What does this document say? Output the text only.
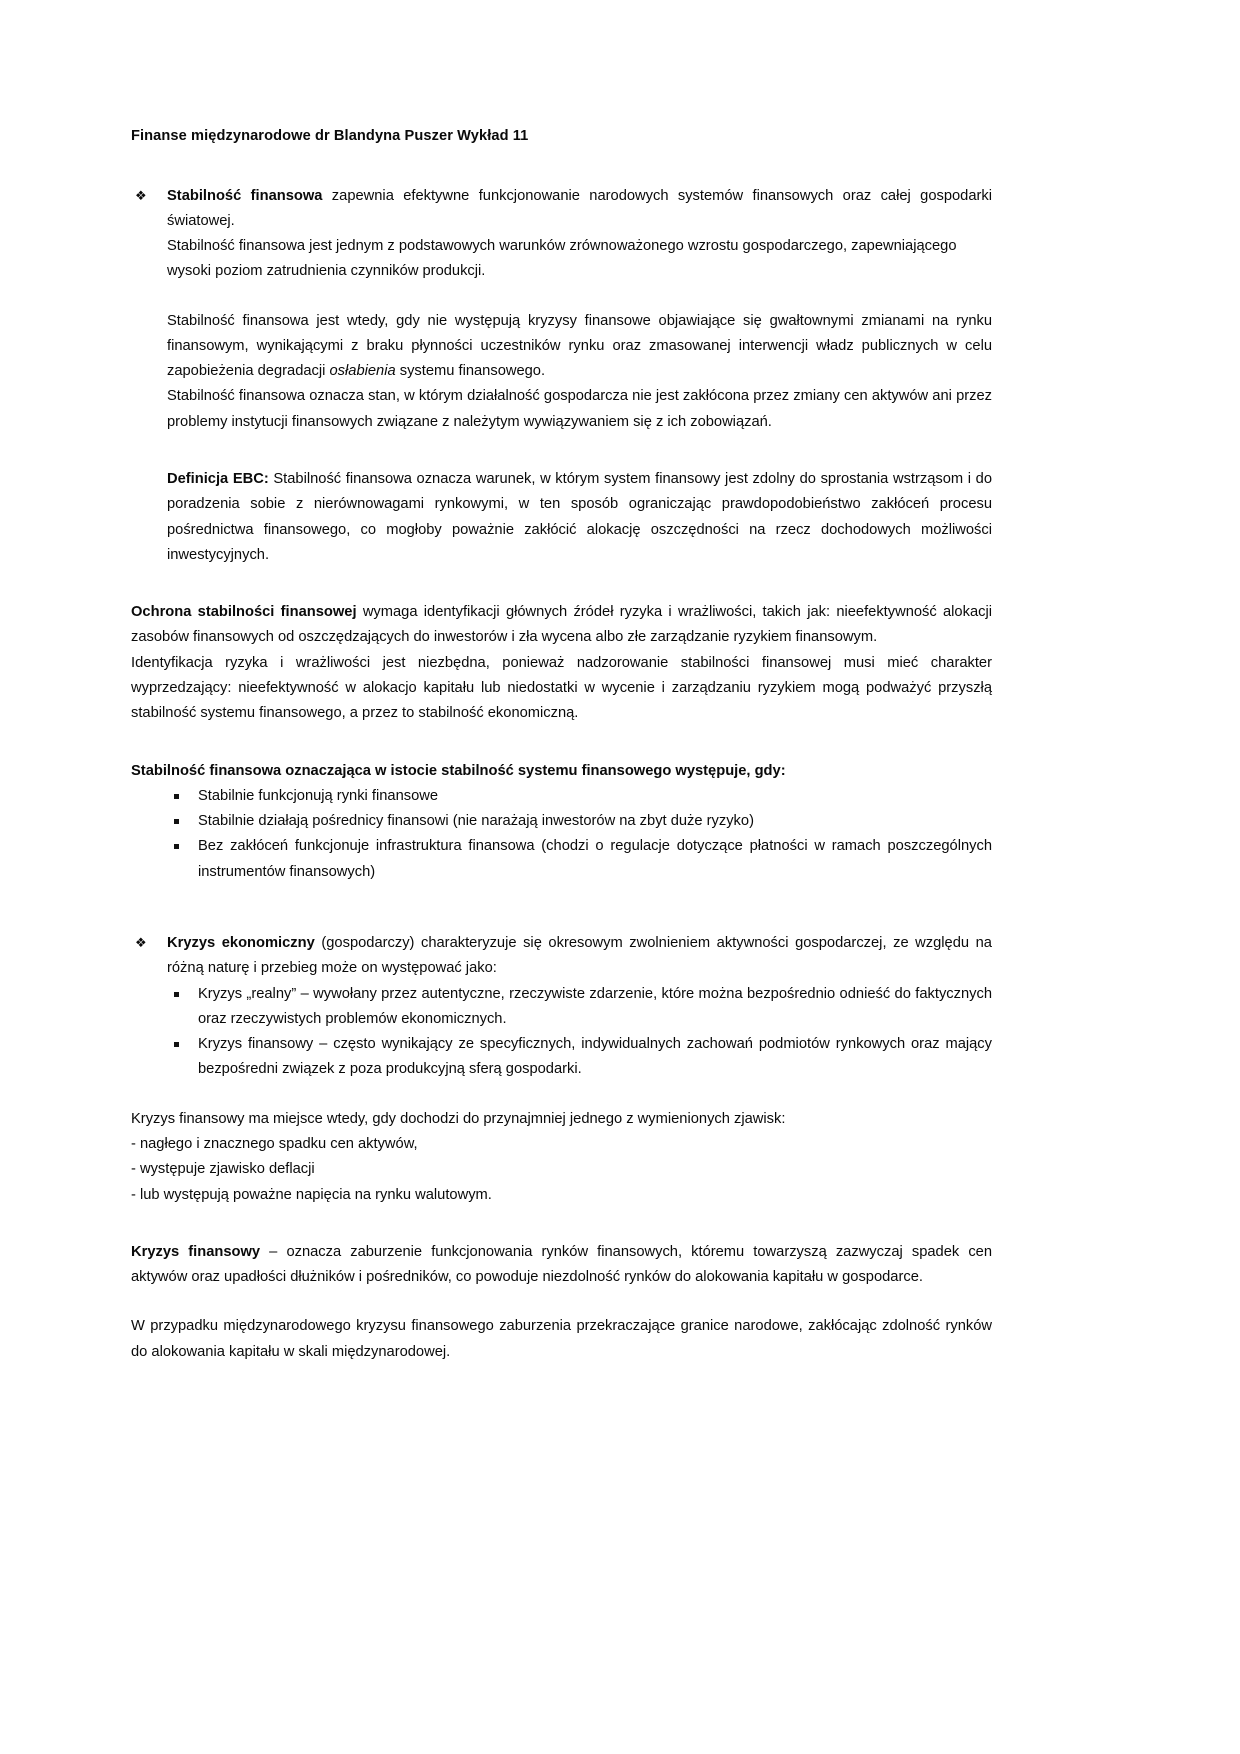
Finanse międzynarodowe dr Blandyna Puszer Wykład 11
❖ Stabilność finansowa zapewnia efektywne funkcjonowanie narodowych systemów finansowych oraz całej gospodarki światowej.

Stabilność finansowa jest jednym z podstawowych warunków zrównoważonego wzrostu gospodarczego, zapewniającego wysoki poziom zatrudnienia czynników produkcji.

Stabilność finansowa jest wtedy, gdy nie występują kryzysy finansowe objawiające się gwałtownymi zmianami na rynku finansowym, wynikającymi z braku płynności uczestników rynku oraz zmasowanej interwencji władz publicznych w celu zapobieżenia degradacji osłabienia systemu finansowego.

Stabilność finansowa oznacza stan, w którym działalność gospodarcza nie jest zakłócona przez zmiany cen aktywów ani przez problemy instytucji finansowych związane z należytym wywiązywaniem się z ich zobowiązań.

Definicja EBC: Stabilność finansowa oznacza warunek, w którym system finansowy jest zdolny do sprostania wstrząsom i do poradzenia sobie z nierównowagami rynkowymi, w ten sposób ograniczając prawdopodobieństwo zakłóceń procesu pośrednictwa finansowego, co mogłoby poważnie zakłócić alokację oszczędności na rzecz dochodowych możliwości inwestycyjnych.

Ochrona stabilności finansowej wymaga identyfikacji głównych źródeł ryzyka i wrażliwości, takich jak: nieefektywność alokacji zasobów finansowych od oszczędzających do inwestorów i zła wycena albo złe zarządzanie ryzykiem finansowym.

Identyfikacja ryzyka i wrażliwości jest niezbędna, ponieważ nadzorowanie stabilności finansowej musi mieć charakter wyprzedzający: nieefektywność w alokacjo kapitału lub niedostatki w wycenie i zarządzaniu ryzykiem mogą podważyć przyszłą stabilność systemu finansowego, a przez to stabilność ekonomiczną.

Stabilność finansowa oznaczająca w istocie stabilność systemu finansowego występuje, gdy:

Stabilnie funkcjonują rynki finansowe
Stabilnie działają pośrednicy finansowi (nie narażają inwestorów na zbyt duże ryzyko)
Bez zakłóceń funkcjonuje infrastruktura finansowa (chodzi o regulacje dotyczące płatności w ramach poszczególnych instrumentów finansowych)
❖ Kryzys ekonomiczny (gospodarczy) charakteryzuje się okresowym zwolnieniem aktywności gospodarczej, ze względu na różną naturę i przebieg może on występować jako:

Kryzys „realny” – wywołany przez autentyczne, rzeczywiste zdarzenie, które można bezpośrednio odnieść do faktycznych oraz rzeczywistych problemów ekonomicznych.
Kryzys finansowy – często wynikający ze specyficznych, indywidualnych zachowań podmiotów rynkowych oraz mający bezpośredni związek z poza produkcyjną sferą gospodarki.

Kryzys finansowy ma miejsce wtedy, gdy dochodzi do przynajmniej jednego z wymienionych zjawisk:

- nagłego i znacznego spadku cen aktywów,

- występuje zjawisko deflacji

- lub występują poważne napięcia na rynku walutowym.

Kryzys finansowy – oznacza zaburzenie funkcjonowania rynków finansowych, któremu towarzyszą zazwyczaj spadek cen aktywów oraz upadłości dłużników i pośredników, co powoduje niezdolność rynków do alokowania kapitału w gospodarce.

W przypadku międzynarodowego kryzysu finansowego zaburzenia przekraczające granice narodowe, zakłócając zdolność rynków do alokowania kapitału w skali międzynarodowej.
